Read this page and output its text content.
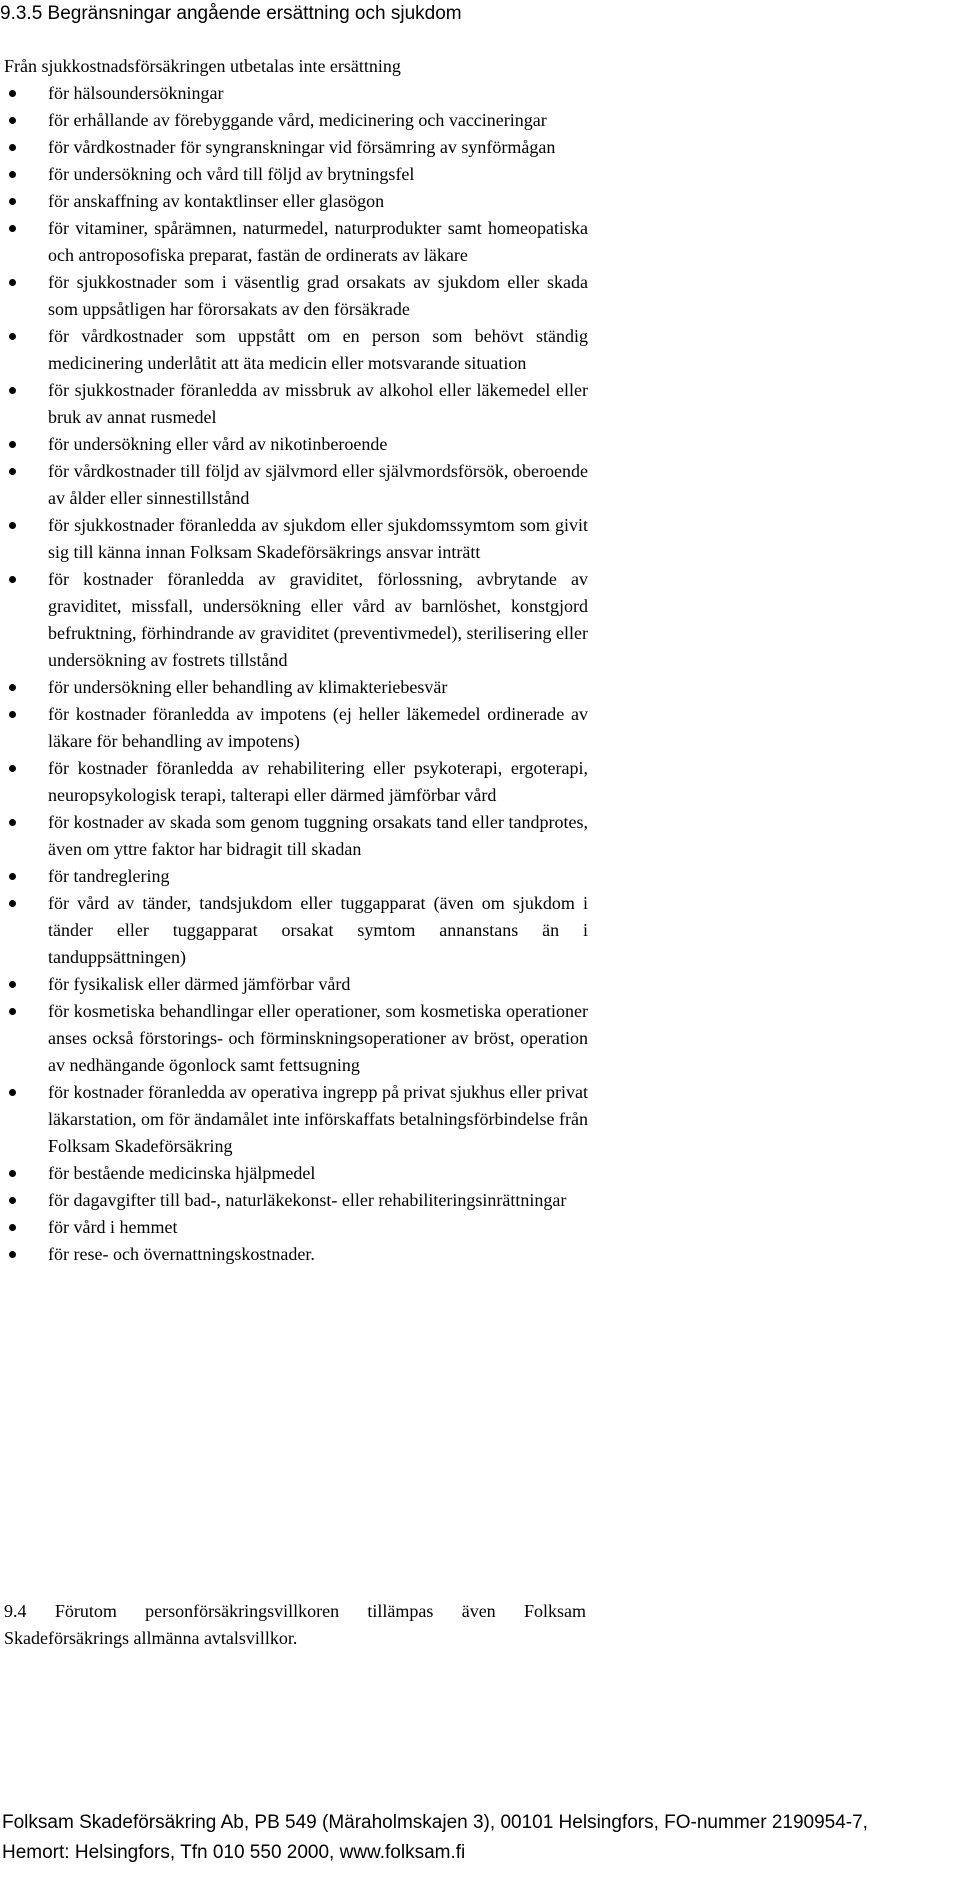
9.3.5 Begränsningar angående ersättning och sjukdom
Från sjukkostnadsförsäkringen utbetalas inte ersättning
för hälsoundersökningar
för erhållande av förebyggande vård, medicinering och vaccineringar
för vårdkostnader för syngranskningar vid försämring av synförmågan
för undersökning och vård till följd av brytningsfel
för anskaffning av kontaktlinser eller glasögon
för vitaminer, spårämnen, naturmedel, naturprodukter samt homeopatiska och antroposofiska preparat, fastän de ordinerats av läkare
för sjukkostnader som i väsentlig grad orsakats av sjukdom eller skada som uppsåtligen har förorsakats av den försäkrade
för vårdkostnader som uppstått om en person som behövt ständig medicinering underlåtit att äta medicin eller motsvarande situation
för sjukkostnader föranledda av missbruk av alkohol eller läkemedel eller bruk av annat rusmedel
för undersökning eller vård av nikotinberoende
för vårdkostnader till följd av självmord eller självmordsförsök, oberoende av ålder eller sinnestillstånd
för sjukkostnader föranledda av sjukdom eller sjukdomssymtom som givit sig till känna innan Folksam Skadeförsäkrings ansvar inträtt
för kostnader föranledda av graviditet, förlossning, avbrytande av graviditet, missfall, undersökning eller vård av barnlöshet, konstgjord befruktning, förhindrande av graviditet (preventivmedel), sterilisering eller undersökning av fostrets tillstånd
för undersökning eller behandling av klimakteriebesvär
för kostnader föranledda av impotens (ej heller läkemedel ordinerade av läkare för behandling av impotens)
för kostnader föranledda av rehabilitering eller psykoterapi, ergoterapi, neuropsykologisk terapi, talterapi eller därmed jämförbar vård
för kostnader av skada som genom tuggning orsakats tand eller tandprotes, även om yttre faktor har bidragit till skadan
för tandreglering
för vård av tänder, tandsjukdom eller tuggapparat (även om sjukdom i tänder eller tuggapparat orsakat symtom annanstans än i tanduppsättningen)
för fysikalisk eller därmed jämförbar vård
för kosmetiska behandlingar eller operationer, som kosmetiska operationer anses också förstorings- och förminskningsoperationer av bröst, operation av nedhängande ögonlock samt fettsugning
för kostnader föranledda av operativa ingrepp på privat sjukhus eller privat läkarstation, om för ändamålet inte införskaffats betalningsförbindelse från Folksam Skadeförsäkring
för bestående medicinska hjälpmedel
för dagavgifter till bad-, naturläkekonst- eller rehabiliteringsinrättningar
för vård i hemmet
för rese- och övernattningskostnader.
9.4 Förutom personförsäkringsvillkoren tillämpas även Folksam Skadeförsäkrings allmänna avtalsvillkor.
Folksam Skadeförsäkring Ab, PB 549 (Märaholmskajen 3), 00101 Helsingfors, FO-nummer 2190954-7,
Hemort: Helsingfors, Tfn 010 550 2000, www.folksam.fi
